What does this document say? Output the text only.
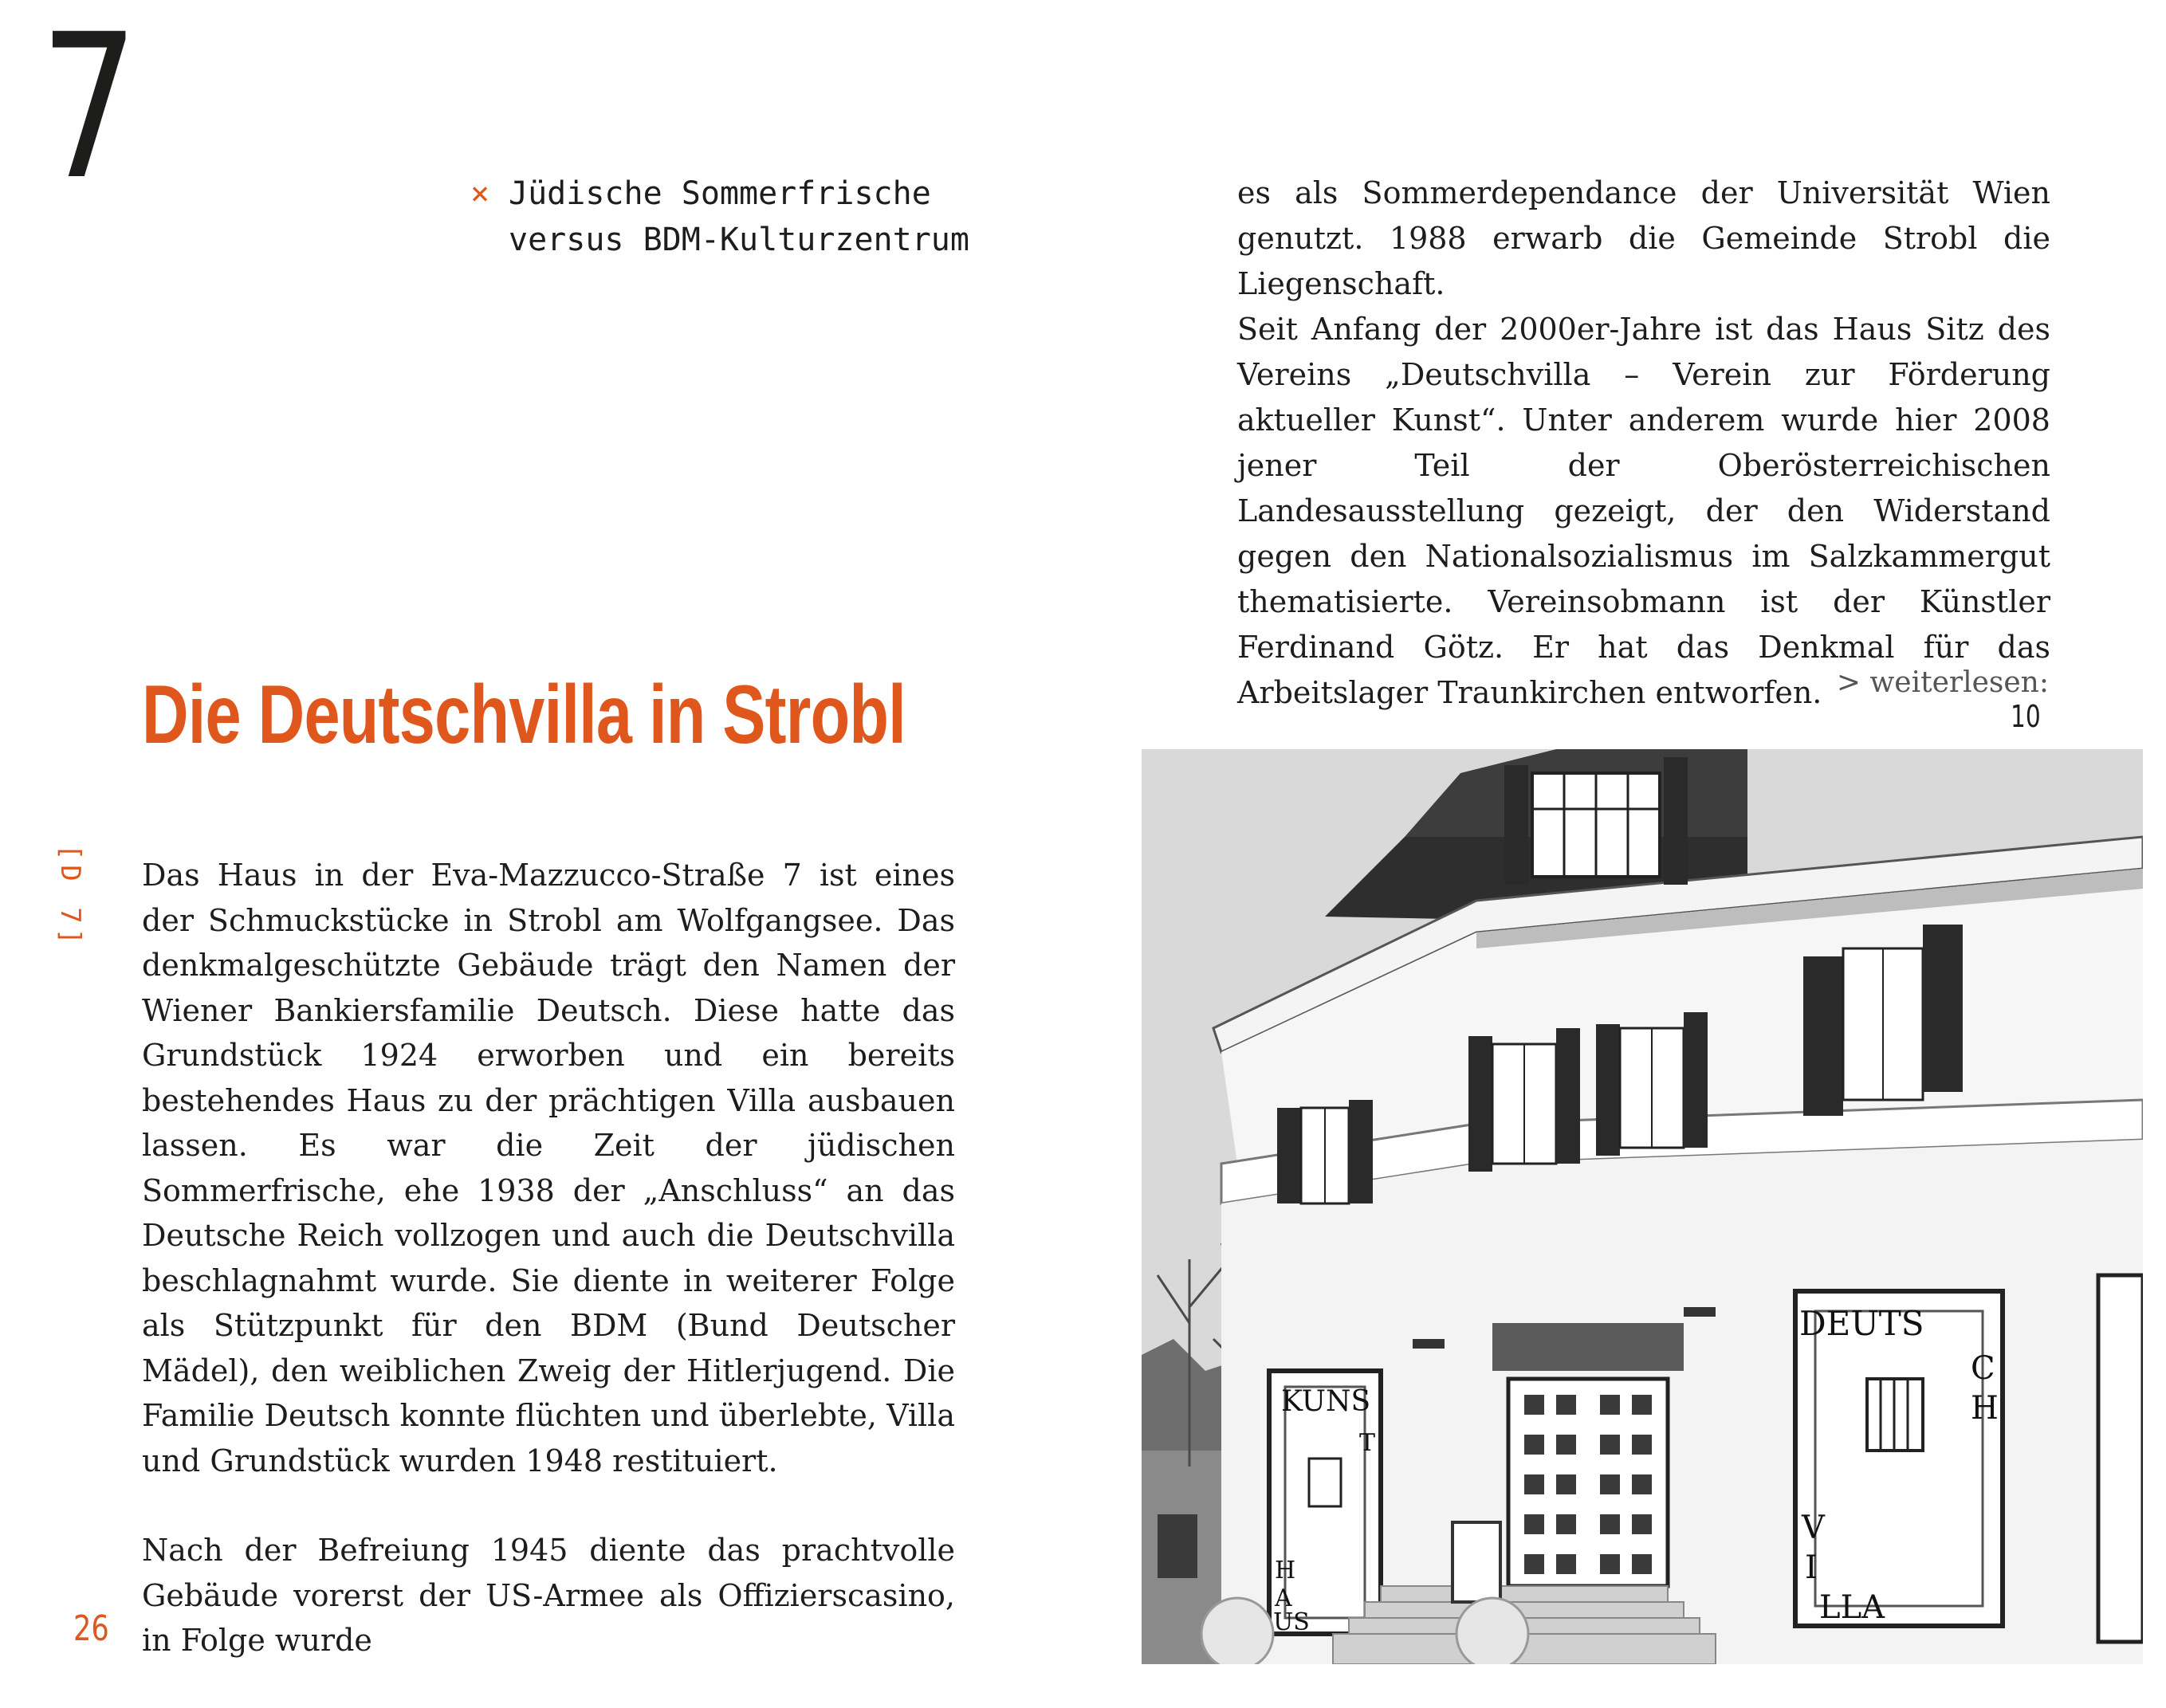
7	× Jüdische Sommerfrische
versus BDM-Kulturzentrum
Die Deutschvilla in Strobl
[D 7] Das Haus in der Eva-Mazzucco-Straße 7 ist eines der Schmuckstücke in Strobl am Wolfgangsee. Das denkmalgeschützte Gebäude trägt den Namen der Wiener Bankiersfamilie Deutsch. Diese hatte das Grundstück 1924 erworben und ein bereits bestehendes Haus zu der prächtigen Villa ausbauen lassen. Es war die Zeit der jüdischen Sommerfrische, ehe 1938 der „Anschluss“ an das Deutsche Reich vollzogen und auch die Deutschvilla beschlagnahmt wurde. Sie diente in weiterer Folge als Stützpunkt für den BDM (Bund Deutscher Mädel), den weiblichen Zweig der Hitlerjugend. Die Familie Deutsch konnte flüchten und überlebte, Villa und Grundstück wurden 1948 restituiert.

Nach der Befreiung 1945 diente das prachtvolle Gebäude vorerst der US-Armee als Offizierscasino, in Folge wurde

es als Sommerdependance der Universität Wien genutzt. 1988 erwarb die Gemeinde Strobl die Liegenschaft.

Seit Anfang der 2000er-Jahre ist das Haus Sitz des Vereins „Deutschvilla – Verein zur Förderung aktueller Kunst“. Unter anderem wurde hier 2008 jener Teil der Oberösterreichischen Landesausstellung gezeigt, der den Widerstand gegen den Nationalsozialismus im Salzkammergut thematisierte. Vereinsobmann ist der Künstler Ferdinand Götz. Er hat das Denkmal für das Arbeitslager Traunkirchen entworfen. > weiterlesen:10
26
KUNS
T
H
A
US
DEUTS
C
H
V
I
LLA
